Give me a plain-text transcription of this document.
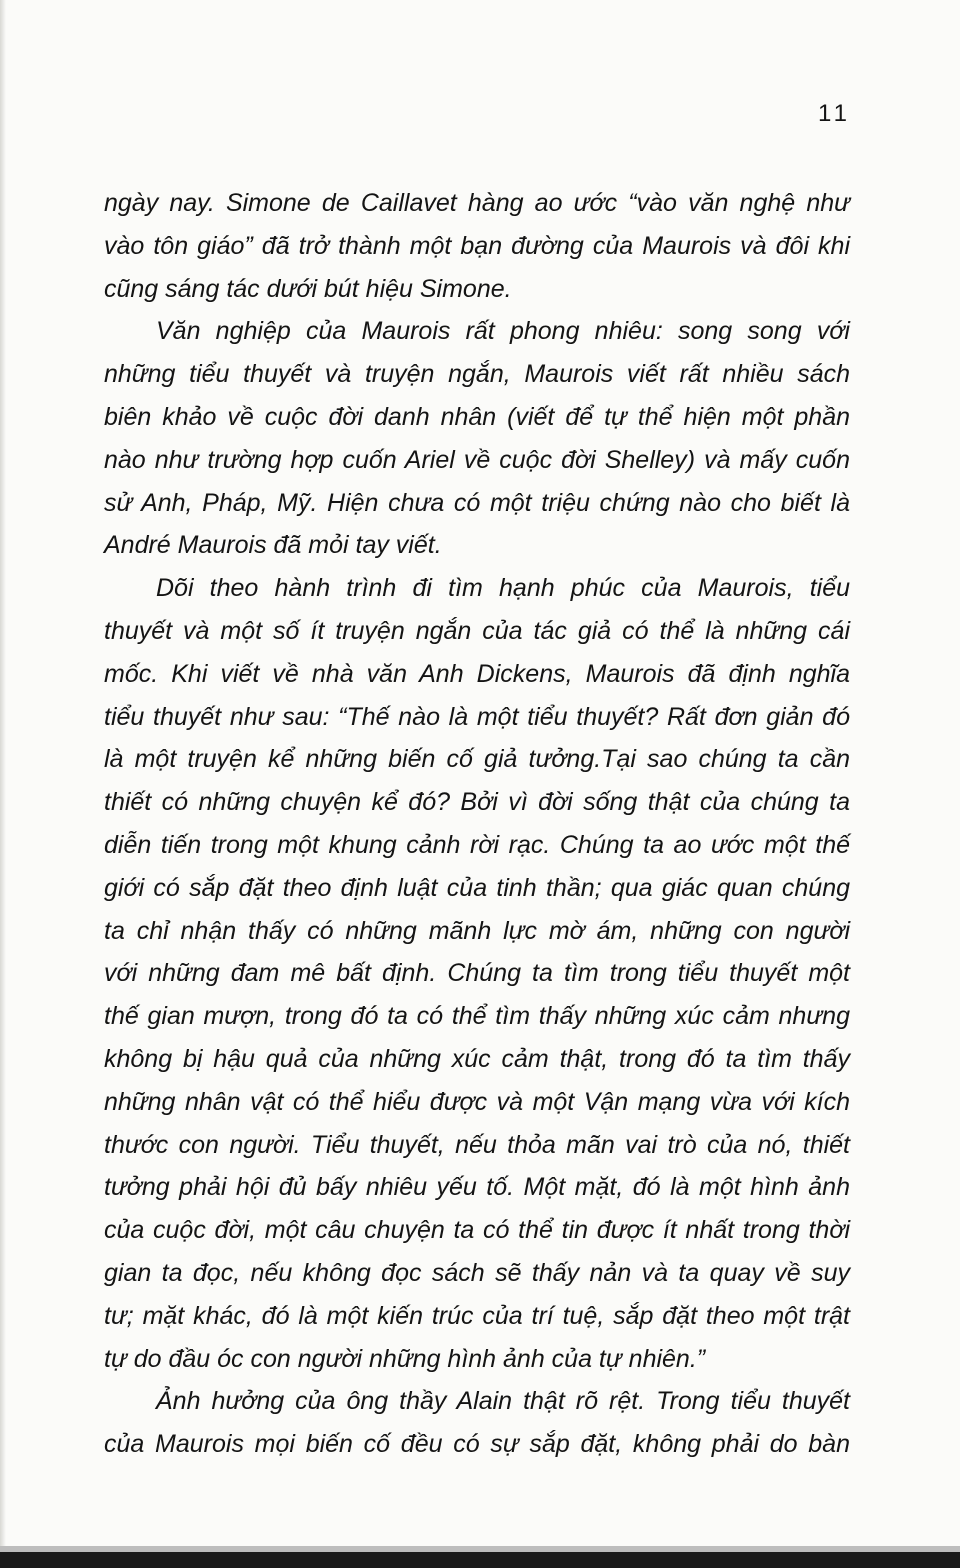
11
ngày nay. Simone de Caillavet hàng ao ước “vào văn nghệ như
vào tôn giáo” đã trở thành một bạn đường của Maurois và đôi khi
cũng sáng tác dưới bút hiệu Simone.
Văn nghiệp của Maurois rất phong nhiêu: song song với
những tiểu thuyết và truyện ngắn, Maurois viết rất nhiều sách
biên khảo về cuộc đời danh nhân (viết để tự thể hiện một phần
nào như trường hợp cuốn Ariel về cuộc đời Shelley) và mấy cuốn
sử Anh, Pháp, Mỹ. Hiện chưa có một triệu chứng nào cho biết là
André Maurois đã mỏi tay viết.
Dõi theo hành trình đi tìm hạnh phúc của Maurois, tiểu
thuyết và một số ít truyện ngắn của tác giả có thể là những cái
mốc. Khi viết về nhà văn Anh Dickens, Maurois đã định nghĩa
tiểu thuyết như sau: “Thế nào là một tiểu thuyết? Rất đơn giản đó
là một truyện kể những biến cố giả tưởng.Tại sao chúng ta cần
thiết có những chuyện kể đó? Bởi vì đời sống thật của chúng ta
diễn tiến trong một khung cảnh rời rạc. Chúng ta ao ước một thế
giới có sắp đặt theo định luật của tinh thần; qua giác quan chúng
ta chỉ nhận thấy có những mãnh lực mờ ám, những con người
với những đam mê bất định. Chúng ta tìm trong tiểu thuyết một
thế gian mượn, trong đó ta có thể tìm thấy những xúc cảm nhưng
không bị hậu quả của những xúc cảm thật, trong đó ta tìm thấy
những nhân vật có thể hiểu được và một Vận mạng vừa với kích
thước con người. Tiểu thuyết, nếu thỏa mãn vai trò của nó, thiết
tưởng phải hội đủ bấy nhiêu yếu tố. Một mặt, đó là một hình ảnh
của cuộc đời, một câu chuyện ta có thể tin được ít nhất trong thời
gian ta đọc, nếu không đọc sách sẽ thấy nản và ta quay về suy
tư; mặt khác, đó là một kiến trúc của trí tuệ, sắp đặt theo một trật
tự do đầu óc con người những hình ảnh của tự nhiên.”
Ảnh hưởng của ông thầy Alain thật rõ rệt. Trong tiểu thuyết
của Maurois mọi biến cố đều có sự sắp đặt, không phải do bàn
